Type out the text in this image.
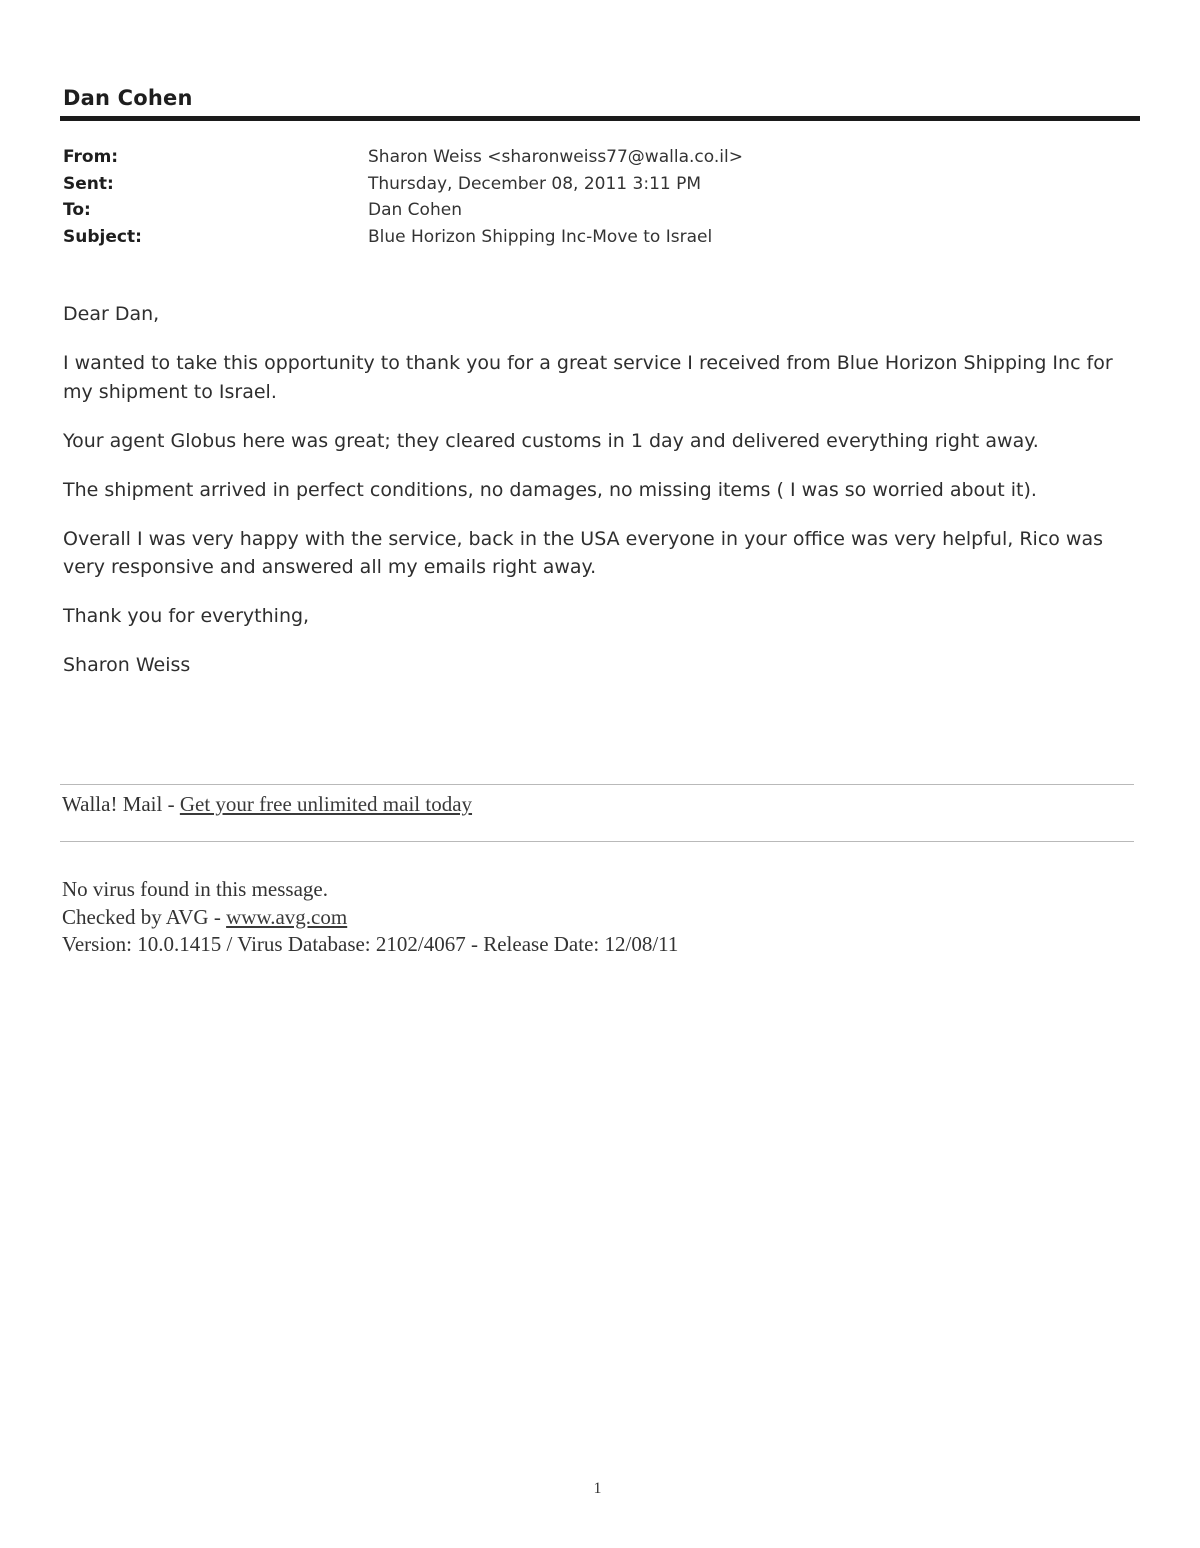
Dan Cohen
From:	Sharon Weiss <sharonweiss77@walla.co.il>
Sent:	Thursday, December 08, 2011 3:11 PM
To:	Dan Cohen
Subject:	Blue Horizon Shipping Inc-Move to Israel

Dear Dan,

I wanted to take this opportunity to thank you for a great service I received from Blue Horizon Shipping Inc for my shipment to Israel.

Your agent Globus here was great; they cleared customs in 1 day and delivered everything right away.

The shipment arrived in perfect conditions, no damages, no missing items ( I was so worried about it).

Overall I was very happy with the service, back in the USA everyone in your office was very helpful, Rico was very responsive and answered all my emails right away.

Thank you for everything,

Sharon Weiss

Walla! Mail - Get your free unlimited mail today
No virus found in this message.
Checked by AVG - www.avg.com
Version: 10.0.1415 / Virus Database: 2102/4067 - Release Date: 12/08/11
1
